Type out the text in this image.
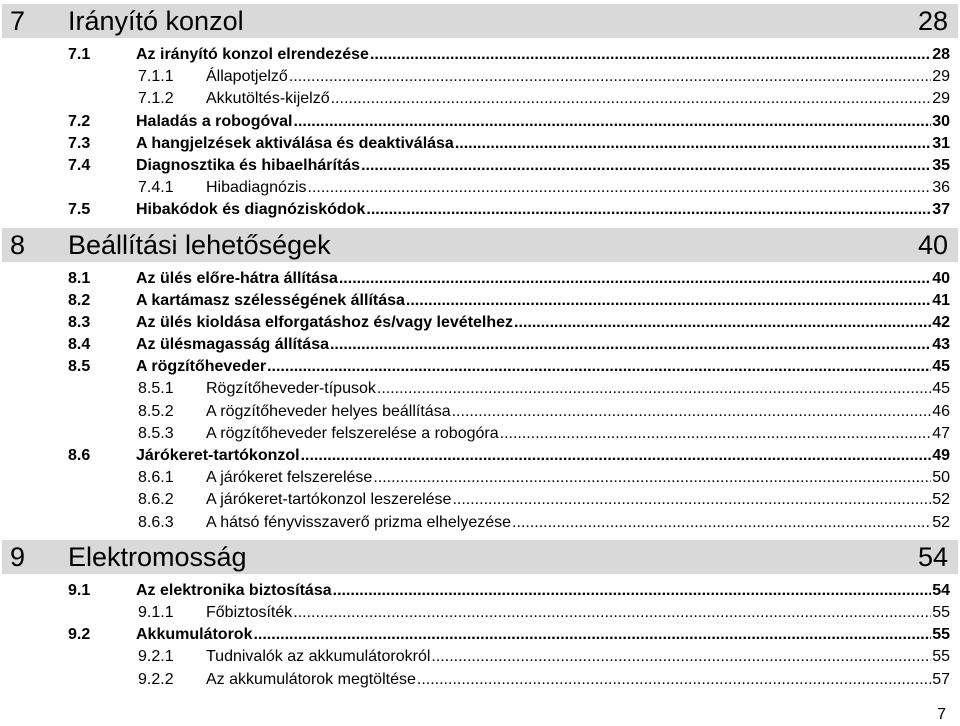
7	Irányító konzol	28
7.1	Az irányító konzol elrendezése .....	28
7.1.1	Állapotjelző .....	29
7.1.2	Akkutöltés-kijelző .....	29
7.2	Haladás a robogóval .....	30
7.3	A hangjelzések aktiválása és deaktiválása .....	31
7.4	Diagnosztika és hibaelhárítás .....	35
7.4.1	Hibadiagnózis .....	36
7.5	Hibakódok és diagnóziskódok .....	37
8	Beállítási lehetőségek	40
8.1	Az ülés előre-hátra állítása .....	40
8.2	A kartámasz szélességének állítása .....	41
8.3	Az ülés kioldása elforgatáshoz és/vagy levételhez .....	42
8.4	Az ülésmagasság állítása .....	43
8.5	A rögzítőheveder .....	45
8.5.1	Rögzítőheveder-típusok .....	45
8.5.2	A rögzítőheveder helyes beállítása .....	46
8.5.3	A rögzítőheveder felszerelése a robogóra .....	47
8.6	Járókeret-tartókonzol .....	49
8.6.1	A járókeret felszerelése .....	50
8.6.2	A járókeret-tartókonzol leszerelése .....	52
8.6.3	A hátsó fényvisszaverő prizma elhelyezése .....	52
9	Elektromosság	54
9.1	Az elektronika biztosítása .....	54
9.1.1	Főbiztosíték .....	55
9.2	Akkumulátorok .....	55
9.2.1	Tudnivalók az akkumulátorokról .....	55
9.2.2	Az akkumulátorok megtöltése .....	57
7
